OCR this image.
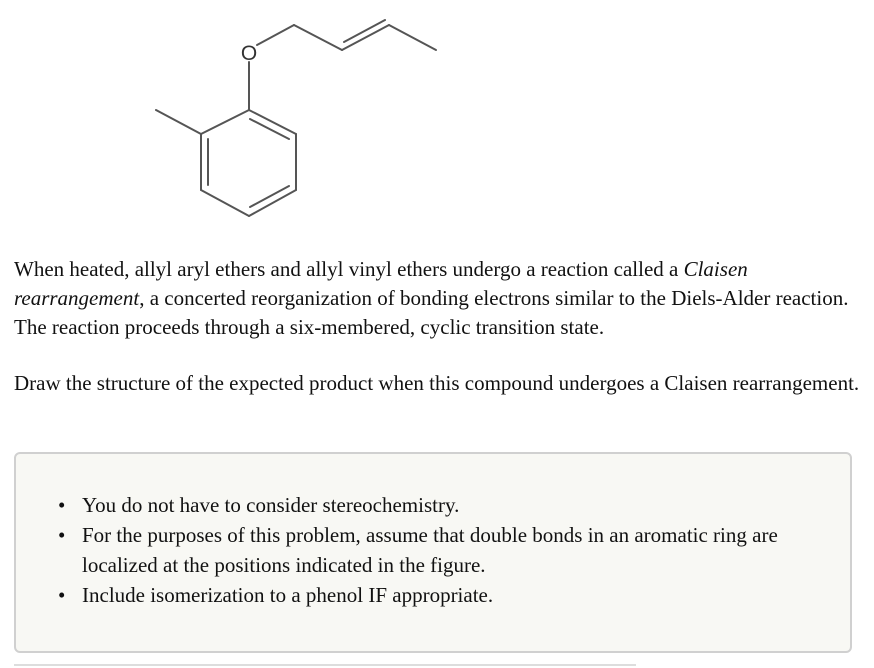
O

When heated, allyl aryl ethers and allyl vinyl ethers undergo a reaction called a Claisen rearrangement, a concerted reorganization of bonding electrons similar to the Diels-Alder reaction. The reaction proceeds through a six-membered, cyclic transition state.

Draw the structure of the expected product when this compound undergoes a Claisen rearrangement.

• You do not have to consider stereochemistry.
• For the purposes of this problem, assume that double bonds in an aromatic ring are localized at the positions indicated in the figure.
• Include isomerization to a phenol IF appropriate.
